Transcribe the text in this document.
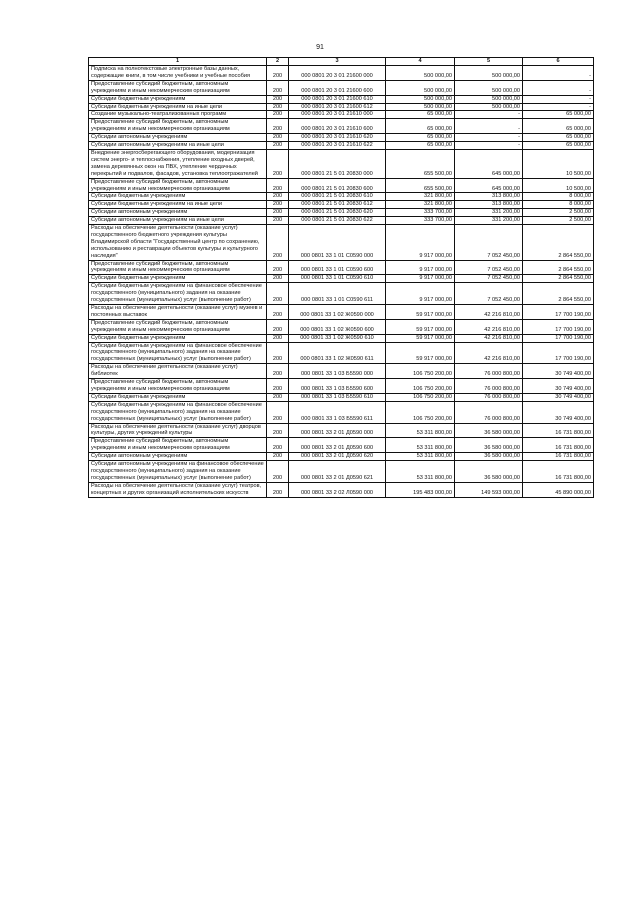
91
1	2	3	4	5	6
Подписка на полнотекстовые электронные базы данных, содержащие книги, в том числе учебники и учебные пособия	200	000 0801 20 3 01 21600 000	500 000,00	500 000,00	-
Предоставление субсидий бюджетным, автономным учреждениям и иным некоммерческим организациям	200	000 0801 20 3 01 21600 600	500 000,00	500 000,00	-
Субсидии бюджетным учреждениям	200	000 0801 20 3 01 21600 610	500 000,00	500 000,00	-
Субсидии бюджетным учреждениям на иные цели	200	000 0801 20 3 01 21600 612	500 000,00	500 000,00	-
Создание музыкально-театрализованных программ	200	000 0801 20 3 01 21610 000	65 000,00	-	65 000,00
Предоставление субсидий бюджетным, автономным учреждениям и иным некоммерческим организациям	200	000 0801 20 3 01 21610 600	65 000,00	-	65 000,00
Субсидии автономным учреждениям	200	000 0801 20 3 01 21610 620	65 000,00	-	65 000,00
Субсидии автономным учреждениям на иные цели	200	000 0801 20 3 01 21610 622	65 000,00	-	65 000,00
Внедрение энергосберегающего оборудования, модернизация систем энерго- и теплоснабжения, утепление входных дверей, замена деревянных окон на ПВХ, утепление чердачных перекрытий и подвалов, фасадов, установка теплоотражателей	200	000 0801 21 5 01 20830 000	655 500,00	645 000,00	10 500,00
Предоставление субсидий бюджетным, автономным учреждениям и иным некоммерческим организациям	200	000 0801 21 5 01 20830 600	655 500,00	645 000,00	10 500,00
Субсидии бюджетным учреждениям	200	000 0801 21 5 01 20830 610	321 800,00	313 800,00	8 000,00
Субсидии бюджетным учреждениям на иные цели	200	000 0801 21 5 01 20830 612	321 800,00	313 800,00	8 000,00
Субсидии автономным учреждениям	200	000 0801 21 5 01 20830 620	333 700,00	331 200,00	2 500,00
Субсидии автономным учреждениям на иные цели	200	000 0801 21 5 01 20830 622	333 700,00	331 200,00	2 500,00
Расходы на обеспечение деятельности (оказание услуг) государственного бюджетного учреждения культуры Владимирской области "Государственный центр по сохранению, использованию и реставрации объектов культуры и культурного наследия"	200	000 0801 33 1 01 С0590 000	9 917 000,00	7 052 450,00	2 864 550,00
Предоставление субсидий бюджетным, автономным учреждениям и иным некоммерческим организациям	200	000 0801 33 1 01 С0590 600	9 917 000,00	7 052 450,00	2 864 550,00
Субсидии бюджетным учреждениям	200	000 0801 33 1 01 С0590 610	9 917 000,00	7 052 450,00	2 864 550,00
Субсидии бюджетным учреждениям на финансовое обеспечение государственного (муниципального) задания на оказание государственных (муниципальных) услуг (выполнение работ)	200	000 0801 33 1 01 С0590 611	9 917 000,00	7 052 450,00	2 864 550,00
Расходы на обеспечение деятельности (оказание услуг) музеев и постоянных выставок	200	000 0801 33 1 02 Ж0590 000	59 917 000,00	42 216 810,00	17 700 190,00
Предоставление субсидий бюджетным, автономным учреждениям и иным некоммерческим организациям	200	000 0801 33 1 02 Ж0590 600	59 917 000,00	42 216 810,00	17 700 190,00
Субсидии бюджетным учреждениям	200	000 0801 33 1 02 Ж0590 610	59 917 000,00	42 216 810,00	17 700 190,00
Субсидии бюджетным учреждениям на финансовое обеспечение государственного (муниципального) задания на оказание государственных (муниципальных) услуг (выполнение работ)	200	000 0801 33 1 02 Ж0590 611	59 917 000,00	42 216 810,00	17 700 190,00
Расходы на обеспечение деятельности (оказание услуг) библиотек	200	000 0801 33 1 03 Б5590 000	106 750 200,00	76 000 800,00	30 749 400,00
Предоставление субсидий бюджетным, автономным учреждениям и иным некоммерческим организациям	200	000 0801 33 1 03 Б5590 600	106 750 200,00	76 000 800,00	30 749 400,00
Субсидии бюджетным учреждениям	200	000 0801 33 1 03 Б5590 610	106 750 200,00	76 000 800,00	30 749 400,00
Субсидии бюджетным учреждениям на финансовое обеспечение государственного (муниципального) задания на оказание государственных (муниципальных) услуг (выполнение работ)	200	000 0801 33 1 03 Б5590 611	106 750 200,00	76 000 800,00	30 749 400,00
Расходы на обеспечение деятельности (оказание услуг) дворцов культуры, других учреждений культуры	200	000 0801 33 2 01 Д0590 000	53 311 800,00	36 580 000,00	16 731 800,00
Предоставление субсидий бюджетным, автономным учреждениям и иным некоммерческим организациям	200	000 0801 33 2 01 Д0590 600	53 311 800,00	36 580 000,00	16 731 800,00
Субсидии автономным учреждениям	200	000 0801 33 2 01 Д0590 620	53 311 800,00	36 580 000,00	16 731 800,00
Субсидии автономным учреждениям на финансовое обеспечение государственного (муниципального) задания на оказание государственных (муниципальных) услуг (выполнение работ)	200	000 0801 33 2 01 Д0590 621	53 311 800,00	36 580 000,00	16 731 800,00
Расходы на обеспечение деятельности (оказание услуг) театров, концертных и других организаций исполнительских искусств	200	000 0801 33 2 02 Л0590 000	195 483 000,00	149 593 000,00	45 890 000,00
